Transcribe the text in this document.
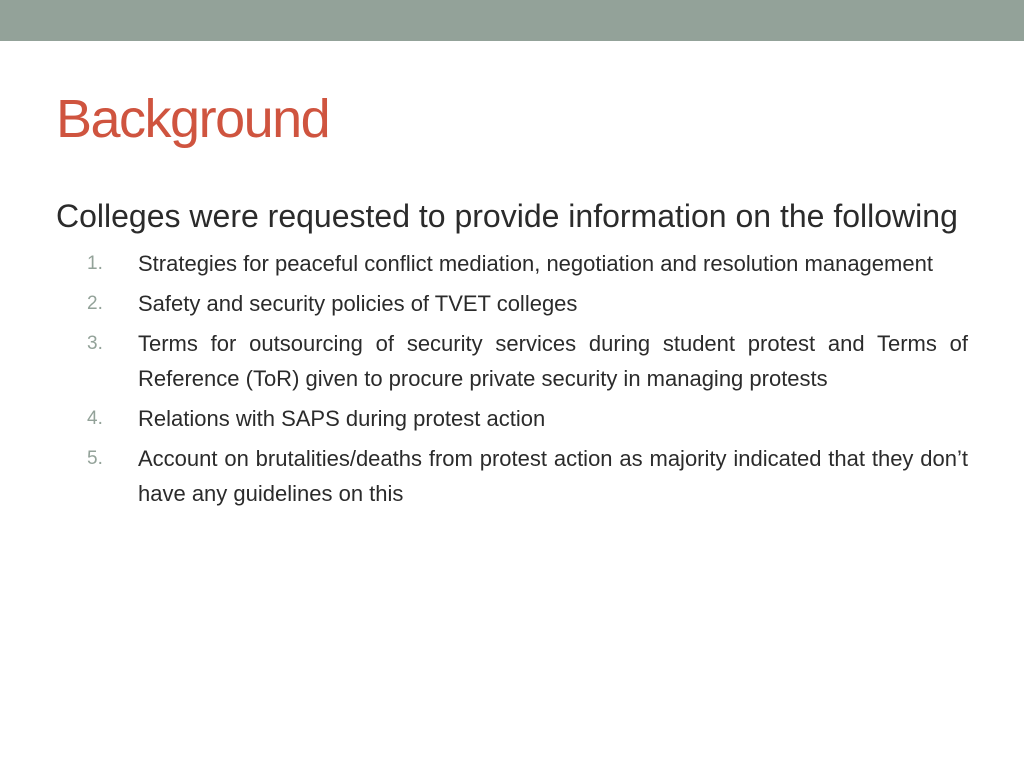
Background

Colleges were requested to provide information on the following

1.	Strategies for peaceful conflict mediation, negotiation and resolution management
2.	Safety and security policies of TVET colleges
3.	Terms for outsourcing of security services during student protest and Terms of Reference (ToR) given to procure private security in managing protests
4.	Relations with SAPS during protest action
5.	Account on brutalities/deaths from protest action as majority indicated that they don’t have any guidelines on this
